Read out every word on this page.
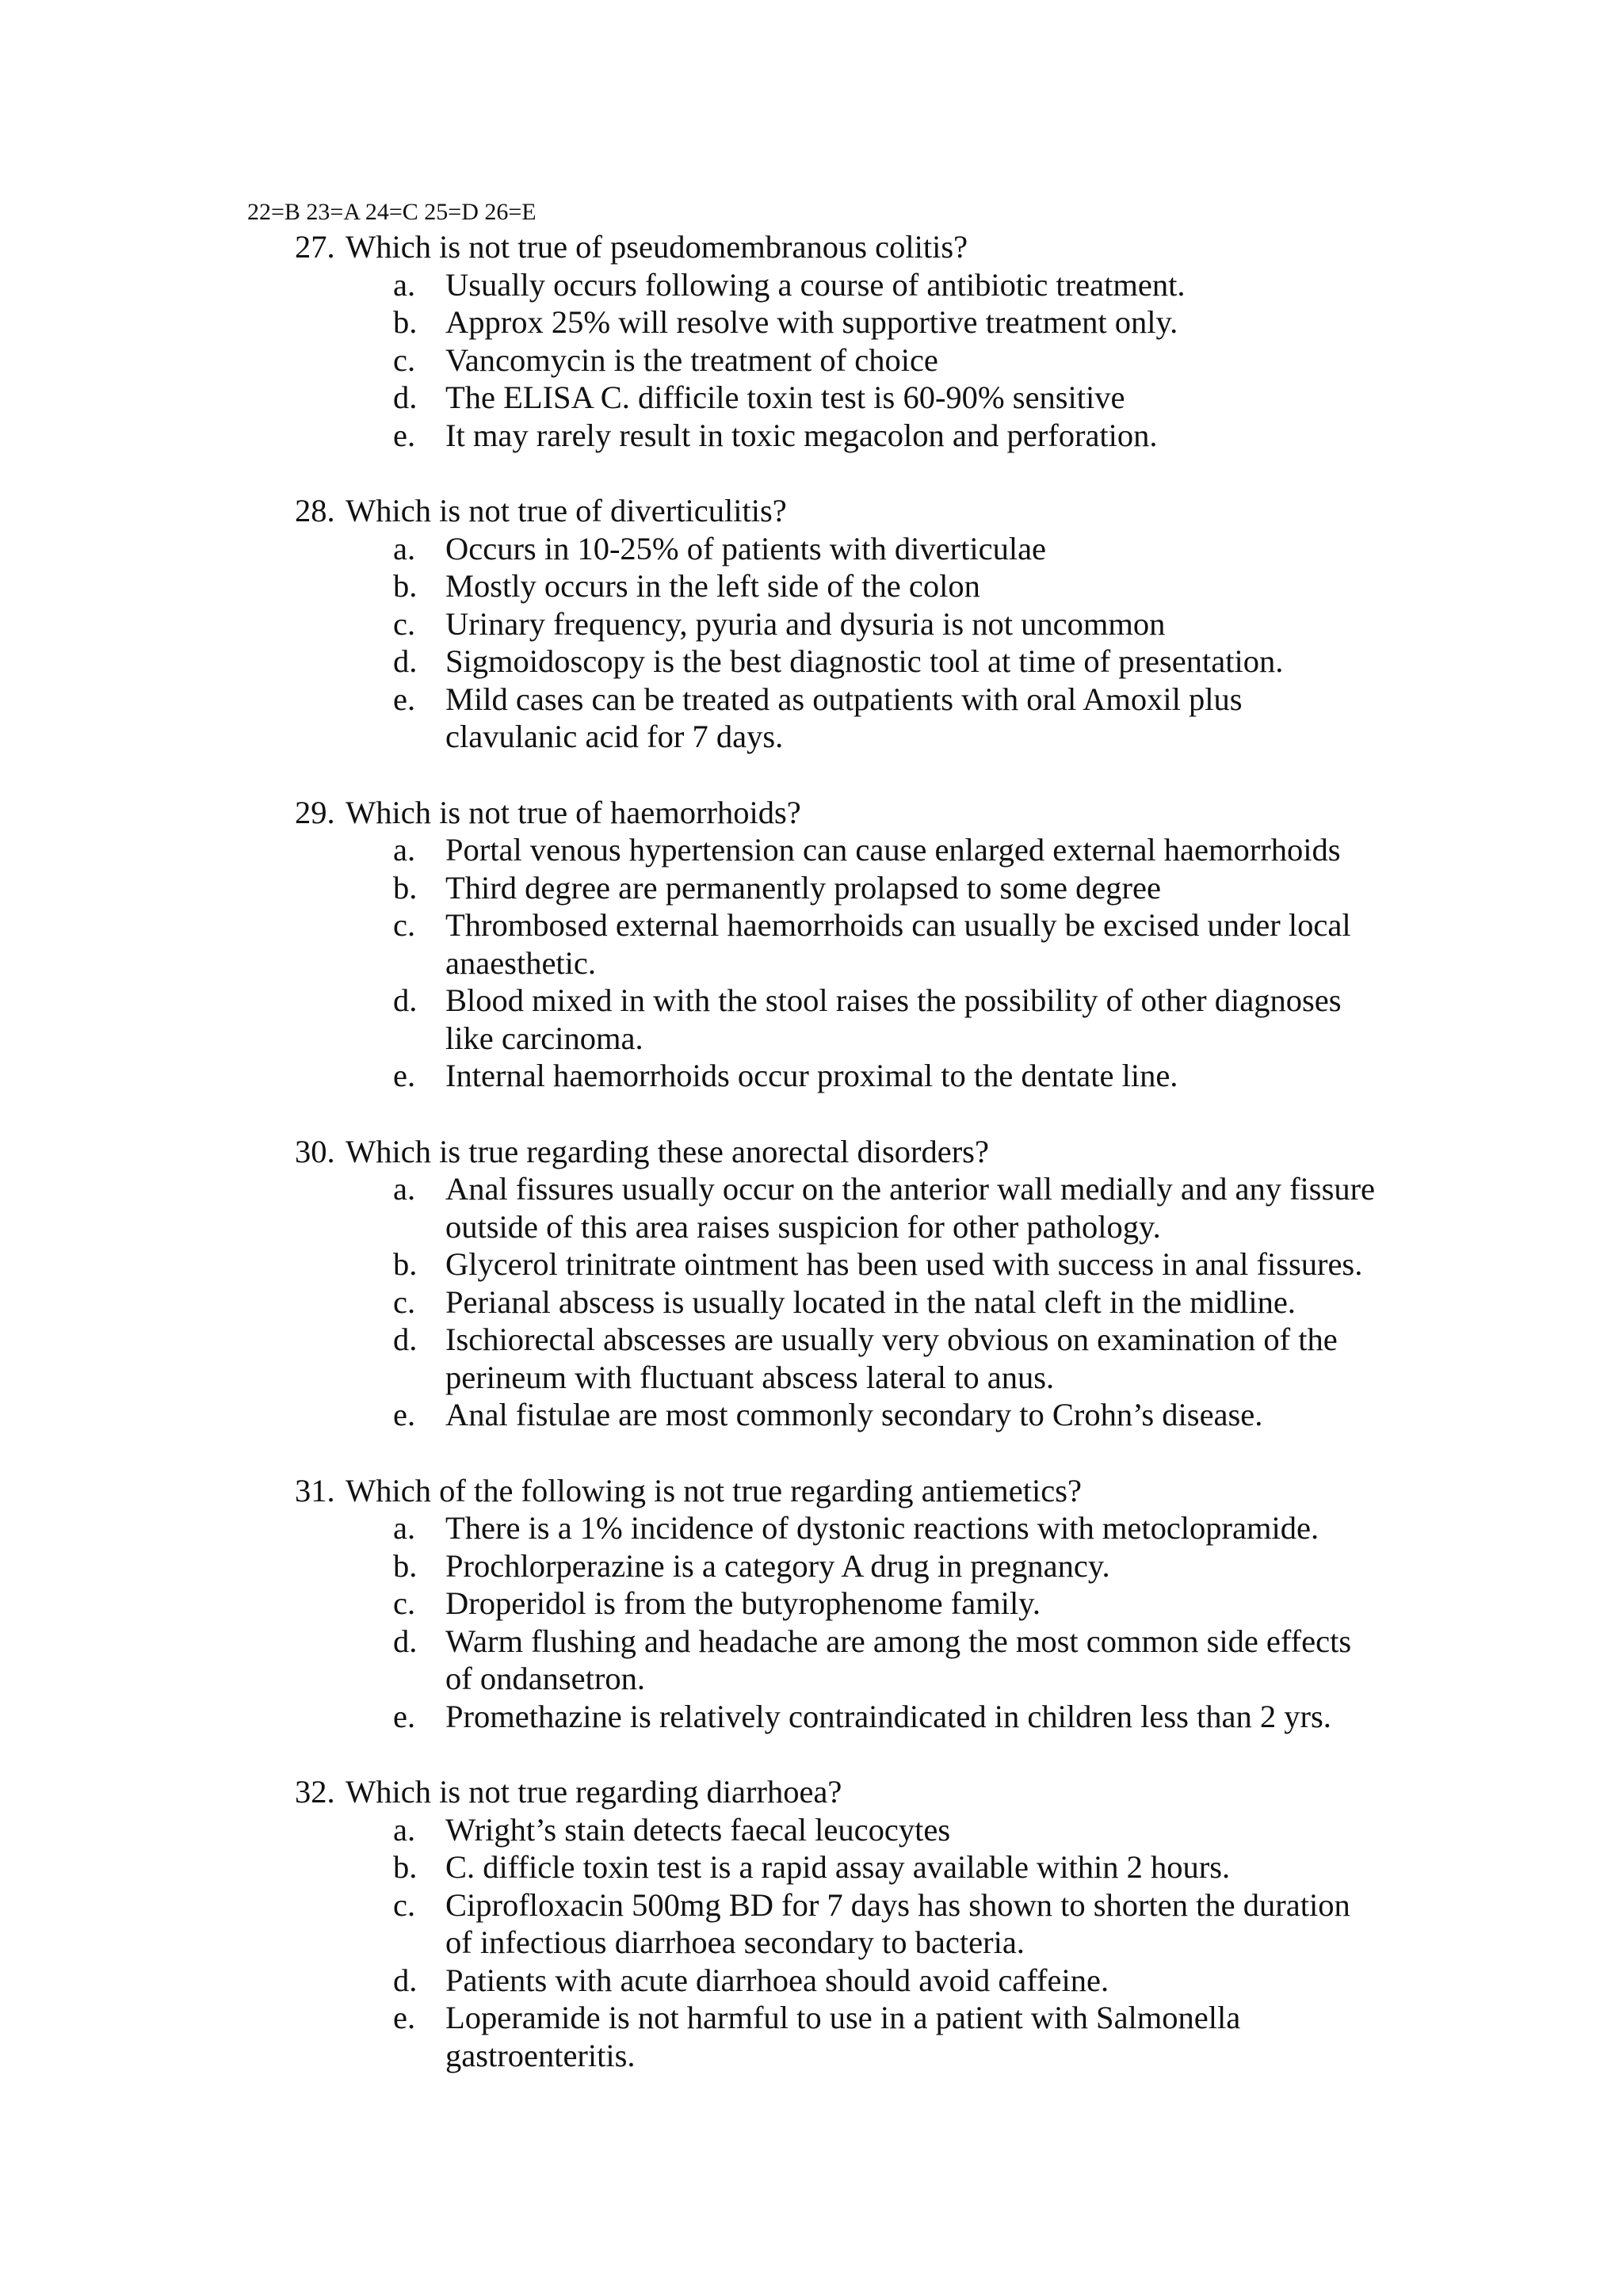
22=B 23=A 24=C 25=D 26=E
27. Which is not true of pseudomembranous colitis?
a. Usually occurs following a course of antibiotic treatment.
b. Approx 25% will resolve with supportive treatment only.
c. Vancomycin is the treatment of choice
d. The ELISA C. difficile toxin test is 60-90% sensitive
e. It may rarely result in toxic megacolon and perforation.
28. Which is not true of diverticulitis?
a. Occurs in 10-25% of patients with diverticulae
b. Mostly occurs in the left side of the colon
c. Urinary frequency, pyuria and dysuria is not uncommon
d. Sigmoidoscopy is the best diagnostic tool at time of presentation.
e. Mild cases can be treated as outpatients with oral Amoxil plus clavulanic acid for 7 days.
29. Which is not true of haemorrhoids?
a. Portal venous hypertension can cause enlarged external haemorrhoids
b. Third degree are permanently prolapsed to some degree
c. Thrombosed external haemorrhoids can usually be excised under local anaesthetic.
d. Blood mixed in with the stool raises the possibility of other diagnoses like carcinoma.
e. Internal haemorrhoids occur proximal to the dentate line.
30. Which is true regarding these anorectal disorders?
a. Anal fissures usually occur on the anterior wall medially and any fissure outside of this area raises suspicion for other pathology.
b. Glycerol trinitrate ointment has been used with success in anal fissures.
c. Perianal abscess is usually located in the natal cleft in the midline.
d. Ischiorectal abscesses are usually very obvious on examination of the perineum with fluctuant abscess lateral to anus.
e. Anal fistulae are most commonly secondary to Crohn’s disease.
31. Which of the following is not true regarding antiemetics?
a. There is a 1% incidence of dystonic reactions with metoclopramide.
b. Prochlorperazine is a category A drug in pregnancy.
c. Droperidol is from the butyrophenome family.
d. Warm flushing and headache are among the most common side effects of ondansetron.
e. Promethazine is relatively contraindicated in children less than 2 yrs.
32. Which is not true regarding diarrhoea?
a. Wright’s stain detects faecal leucocytes
b. C. difficle toxin test is a rapid assay available within 2 hours.
c. Ciprofloxacin 500mg BD for 7 days has shown to shorten the duration of infectious diarrhoea secondary to bacteria.
d. Patients with acute diarrhoea should avoid caffeine.
e. Loperamide is not harmful to use in a patient with Salmonella gastroenteritis.
